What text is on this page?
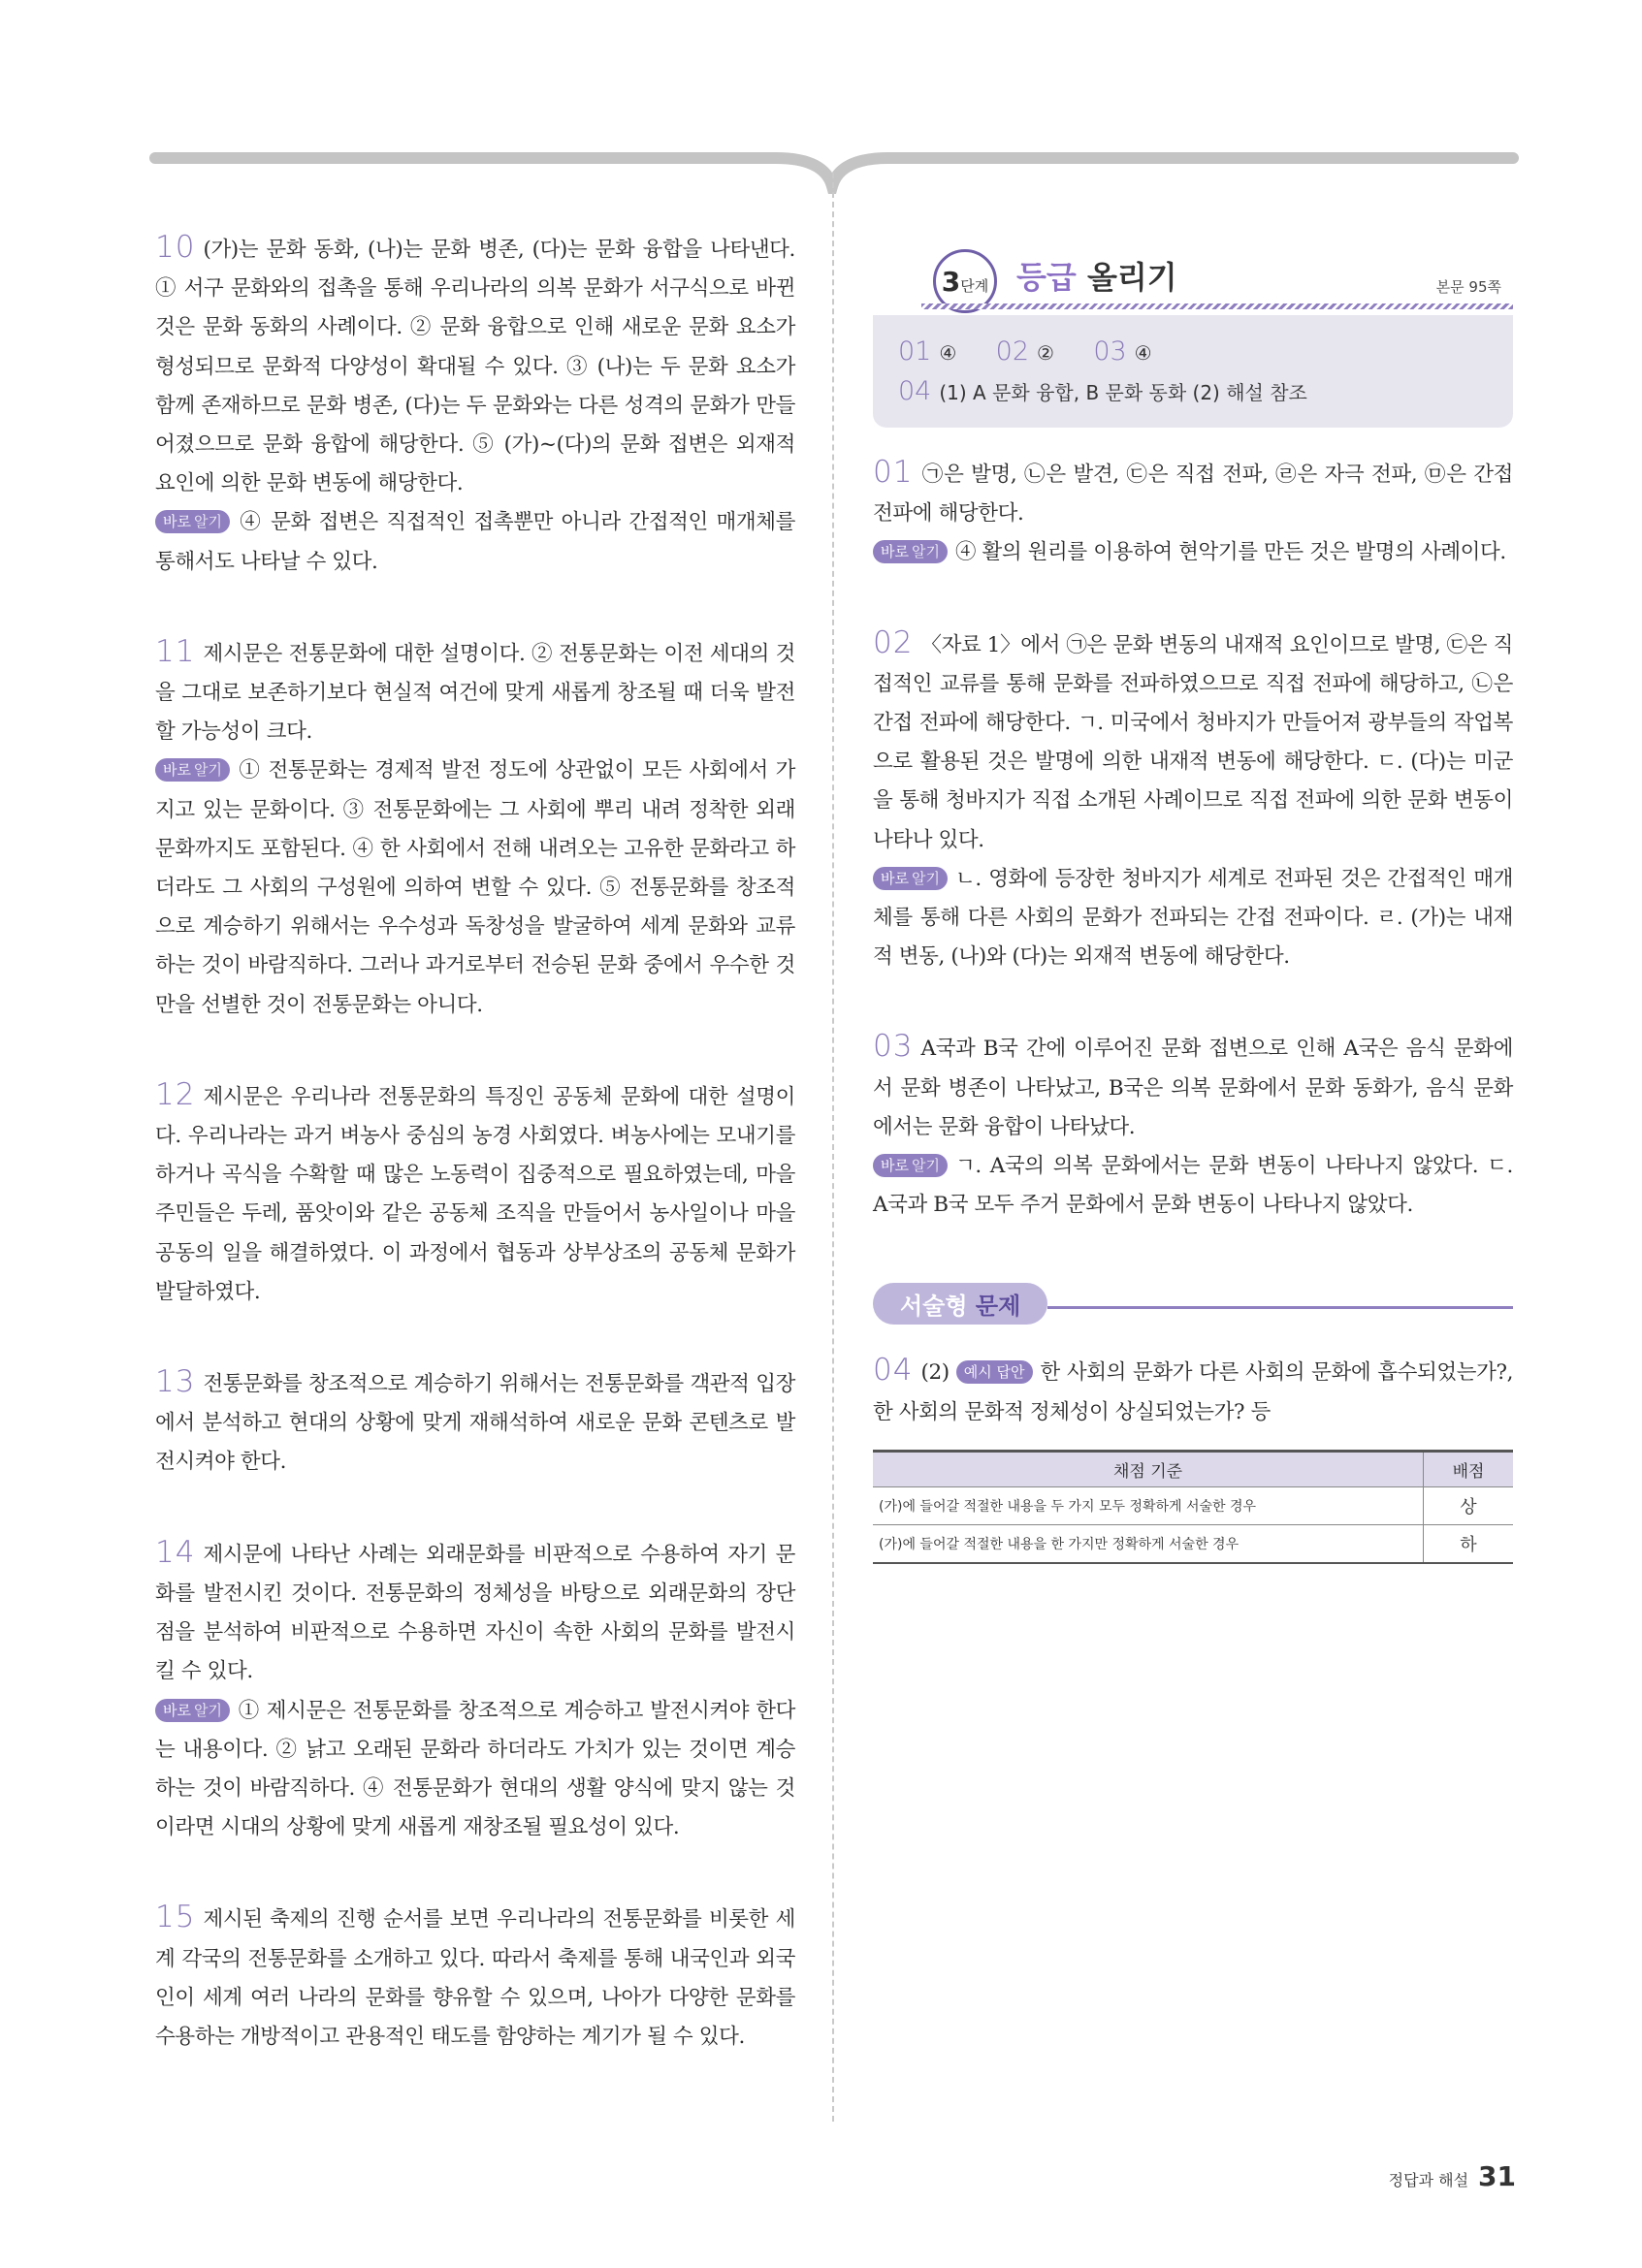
10 (가)는 문화 동화, (나)는 문화 병존, (다)는 문화 융합을 나타낸다. ① 서구 문화와의 접촉을 통해 우리나라의 의복 문화가 서구식으로 바뀐 것은 문화 동화의 사례이다. ② 문화 융합으로 인해 새로운 문화 요소가 형성되므로 문화적 다양성이 확대될 수 있다. ③ (나)는 두 문화 요소가 함께 존재하므로 문화 병존, (다)는 두 문화와는 다른 성격의 문화가 만들어졌으므로 문화 융합에 해당한다. ⑤ (가)~(다)의 문화 접변은 외재적 요인에 의한 문화 변동에 해당한다.

바로 알기 ④ 문화 접변은 직접적인 접촉뿐만 아니라 간접적인 매개체를 통해서도 나타날 수 있다.

11 제시문은 전통문화에 대한 설명이다. ② 전통문화는 이전 세대의 것을 그대로 보존하기보다 현실적 여건에 맞게 새롭게 창조될 때 더욱 발전할 가능성이 크다.

바로 알기 ① 전통문화는 경제적 발전 정도에 상관없이 모든 사회에서 가지고 있는 문화이다. ③ 전통문화에는 그 사회에 뿌리 내려 정착한 외래문화까지도 포함된다. ④ 한 사회에서 전해 내려오는 고유한 문화라고 하더라도 그 사회의 구성원에 의하여 변할 수 있다. ⑤ 전통문화를 창조적으로 계승하기 위해서는 우수성과 독창성을 발굴하여 세계 문화와 교류하는 것이 바람직하다. 그러나 과거로부터 전승된 문화 중에서 우수한 것만을 선별한 것이 전통문화는 아니다.

12 제시문은 우리나라 전통문화의 특징인 공동체 문화에 대한 설명이다. 우리나라는 과거 벼농사 중심의 농경 사회였다. 벼농사에는 모내기를 하거나 곡식을 수확할 때 많은 노동력이 집중적으로 필요하였는데, 마을 주민들은 두레, 품앗이와 같은 공동체 조직을 만들어서 농사일이나 마을 공동의 일을 해결하였다. 이 과정에서 협동과 상부상조의 공동체 문화가 발달하였다.

13 전통문화를 창조적으로 계승하기 위해서는 전통문화를 객관적 입장에서 분석하고 현대의 상황에 맞게 재해석하여 새로운 문화 콘텐츠로 발전시켜야 한다.

14 제시문에 나타난 사례는 외래문화를 비판적으로 수용하여 자기 문화를 발전시킨 것이다. 전통문화의 정체성을 바탕으로 외래문화의 장단점을 분석하여 비판적으로 수용하면 자신이 속한 사회의 문화를 발전시킬 수 있다.

바로 알기 ① 제시문은 전통문화를 창조적으로 계승하고 발전시켜야 한다는 내용이다. ② 낡고 오래된 문화라 하더라도 가치가 있는 것이면 계승하는 것이 바람직하다. ④ 전통문화가 현대의 생활 양식에 맞지 않는 것이라면 시대의 상황에 맞게 새롭게 재창조될 필요성이 있다.

15 제시된 축제의 진행 순서를 보면 우리나라의 전통문화를 비롯한 세계 각국의 전통문화를 소개하고 있다. 따라서 축제를 통해 내국인과 외국인이 세계 여러 나라의 문화를 향유할 수 있으며, 나아가 다양한 문화를 수용하는 개방적이고 관용적인 태도를 함양하는 계기가 될 수 있다.

3단계 등급 올리기	본문 95쪽
01 ④ 02 ② 03 ④ 04 (1) A 문화 융합, B 문화 동화 (2) 해설 참조

01 ㉠은 발명, ㉡은 발견, ㉢은 직접 전파, ㉣은 자극 전파, ㉤은 간접 전파에 해당한다.

바로 알기 ④ 활의 원리를 이용하여 현악기를 만든 것은 발명의 사례이다.

02 〈자료 1〉에서 ㉠은 문화 변동의 내재적 요인이므로 발명, ㉢은 직접적인 교류를 통해 문화를 전파하였으므로 직접 전파에 해당하고, ㉡은 간접 전파에 해당한다. ㄱ. 미국에서 청바지가 만들어져 광부들의 작업복으로 활용된 것은 발명에 의한 내재적 변동에 해당한다. ㄷ. (다)는 미군을 통해 청바지가 직접 소개된 사례이므로 직접 전파에 의한 문화 변동이 나타나 있다.

바로 알기 ㄴ. 영화에 등장한 청바지가 세계로 전파된 것은 간접적인 매개체를 통해 다른 사회의 문화가 전파되는 간접 전파이다. ㄹ. (가)는 내재적 변동, (나)와 (다)는 외재적 변동에 해당한다.

03 A국과 B국 간에 이루어진 문화 접변으로 인해 A국은 음식 문화에서 문화 병존이 나타났고, B국은 의복 문화에서 문화 동화가, 음식 문화에서는 문화 융합이 나타났다.

바로 알기 ㄱ. A국의 의복 문화에서는 문화 변동이 나타나지 않았다. ㄷ. A국과 B국 모두 주거 문화에서 문화 변동이 나타나지 않았다.

서술형 문제

04 (2) 예시 답안 한 사회의 문화가 다른 사회의 문화에 흡수되었는가?, 한 사회의 문화적 정체성이 상실되었는가? 등

채점 기준	배점
(가)에 들어갈 적절한 내용을 두 가지 모두 정확하게 서술한 경우	상
(가)에 들어갈 적절한 내용을 한 가지만 정확하게 서술한 경우	하
정답과 해설 31
